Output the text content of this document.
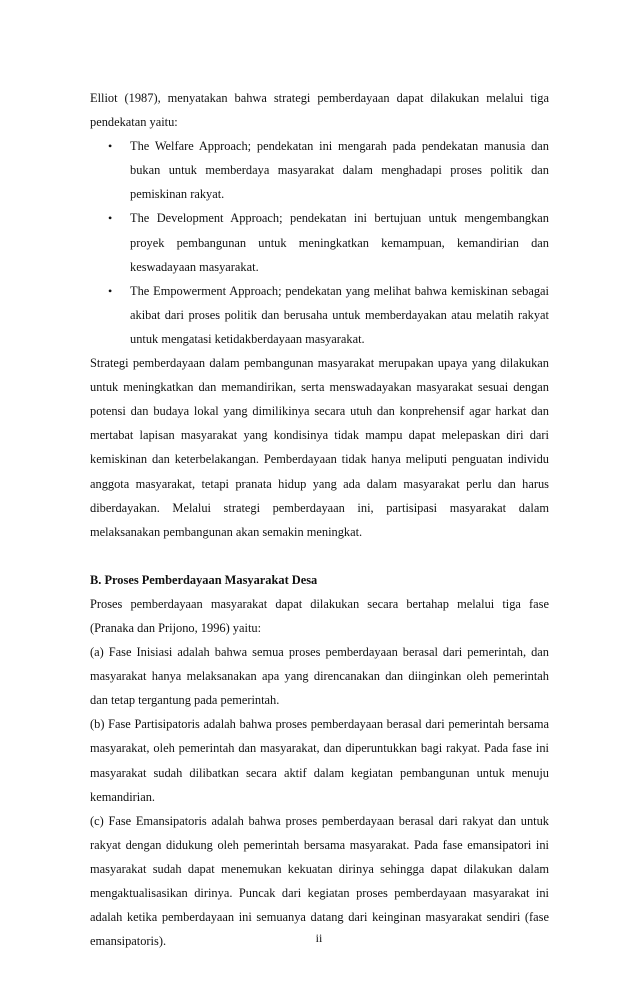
Elliot (1987), menyatakan bahwa strategi pemberdayaan dapat dilakukan melalui tiga pendekatan yaitu:

• The Welfare Approach; pendekatan ini mengarah pada pendekatan manusia dan bukan untuk memberdaya masyarakat dalam menghadapi proses politik dan pemiskinan rakyat.
• The Development Approach; pendekatan ini bertujuan untuk mengembangkan proyek pembangunan untuk meningkatkan kemampuan, kemandirian dan keswadayaan masyarakat.
• The Empowerment Approach; pendekatan yang melihat bahwa kemiskinan sebagai akibat dari proses politik dan berusaha untuk memberdayakan atau melatih rakyat untuk mengatasi ketidakberdayaan masyarakat.

Strategi pemberdayaan dalam pembangunan masyarakat merupakan upaya yang dilakukan untuk meningkatkan dan memandirikan, serta menswadayakan masyarakat sesuai dengan potensi dan budaya lokal yang dimilikinya secara utuh dan konprehensif agar harkat dan mertabat lapisan masyarakat yang kondisinya tidak mampu dapat melepaskan diri dari kemiskinan dan keterbelakangan. Pemberdayaan tidak hanya meliputi penguatan individu anggota masyarakat, tetapi pranata hidup yang ada dalam masyarakat perlu dan harus diberdayakan. Melalui strategi pemberdayaan ini, partisipasi masyarakat dalam melaksanakan pembangunan akan semakin meningkat.

B. Proses Pemberdayaan Masyarakat Desa

Proses pemberdayaan masyarakat dapat dilakukan secara bertahap melalui tiga fase (Pranaka dan Prijono, 1996) yaitu:

(a) Fase Inisiasi adalah bahwa semua proses pemberdayaan berasal dari pemerintah, dan masyarakat hanya melaksanakan apa yang direncanakan dan diinginkan oleh pemerintah dan tetap tergantung pada pemerintah.

(b) Fase Partisipatoris adalah bahwa proses pemberdayaan berasal dari pemerintah bersama masyarakat, oleh pemerintah dan masyarakat, dan diperuntukkan bagi rakyat. Pada fase ini masyarakat sudah dilibatkan secara aktif dalam kegiatan pembangunan untuk menuju kemandirian.

(c) Fase Emansipatoris adalah bahwa proses pemberdayaan berasal dari rakyat dan untuk rakyat dengan didukung oleh pemerintah bersama masyarakat. Pada fase emansipatori ini masyarakat sudah dapat menemukan kekuatan dirinya sehingga dapat dilakukan dalam mengaktualisasikan dirinya. Puncak dari kegiatan proses pemberdayaan masyarakat ini adalah ketika pemberdayaan ini semuanya datang dari keinginan masyarakat sendiri (fase emansipatoris).	ii
